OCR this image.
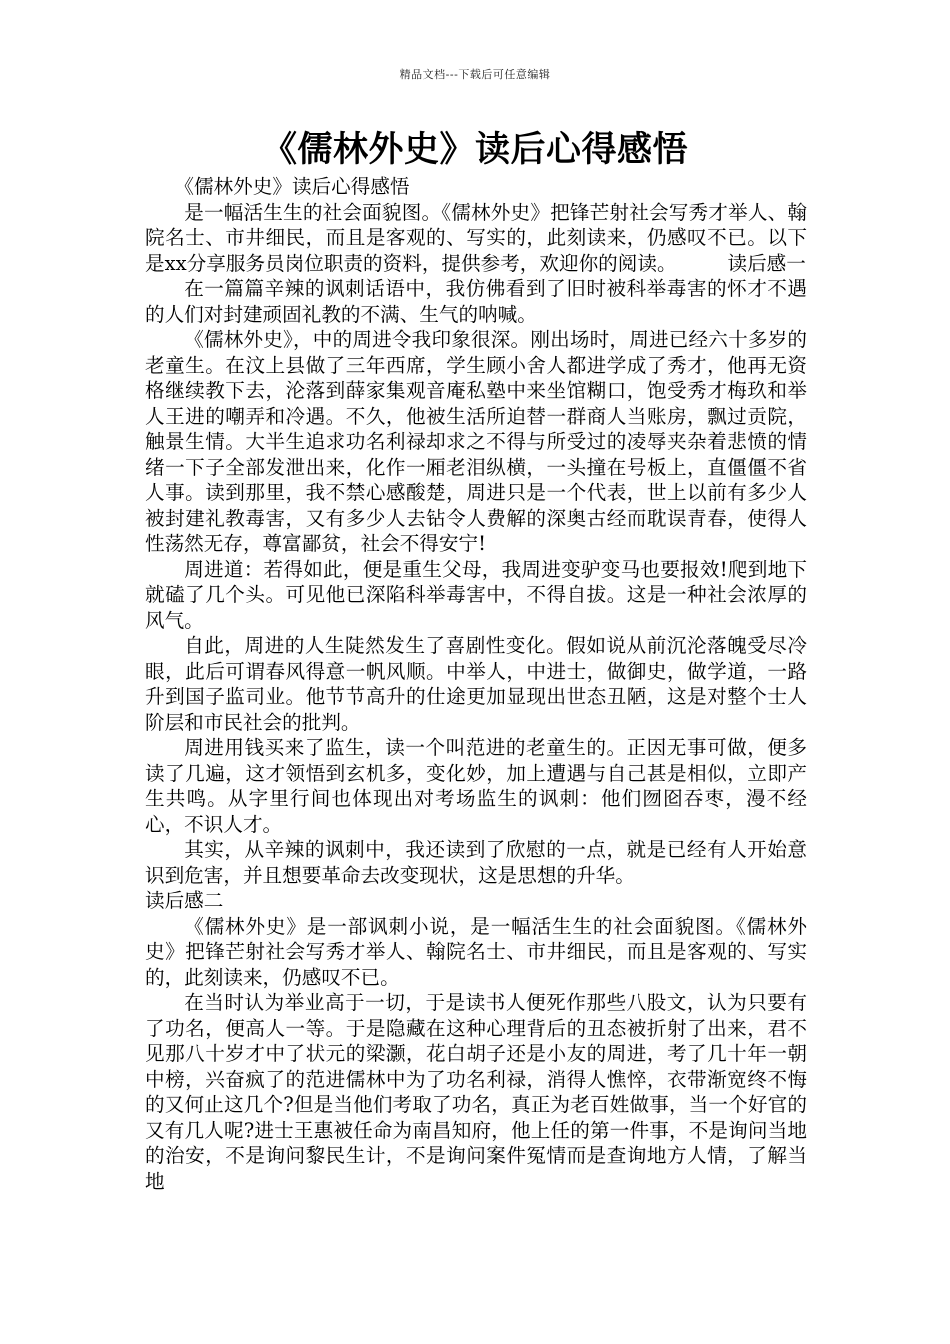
精品文档---下载后可任意编辑
《儒林外史》读后心得感悟

《儒林外史》读后心得感悟

是一幅活生生的社会面貌图。《儒林外史》把锋芒射社会写秀才举人、翰院名士、市井细民，而且是客观的、写实的，此刻读来，仍感叹不已。以下是xx分享服务员岗位职责的资料，提供参考，欢迎你的阅读。	读后感一

在一篇篇辛辣的讽刺话语中，我仿佛看到了旧时被科举毒害的怀才不遇的人们对封建顽固礼教的不满、生气的呐喊。

《儒林外史》，中的周进令我印象很深。刚出场时，周进已经六十多岁的老童生。在汶上县做了三年西席，学生顾小舍人都进学成了秀才，他再无资格继续教下去，沦落到薛家集观音庵私塾中来坐馆糊口，饱受秀才梅玖和举人王进的嘲弄和冷遇。不久，他被生活所迫替一群商人当账房，飘过贡院，触景生情。大半生追求功名利禄却求之不得与所受过的凌辱夹杂着悲愤的情绪一下子全部发泄出来，化作一厢老泪纵横，一头撞在号板上，直僵僵不省人事。读到那里，我不禁心感酸楚，周进只是一个代表，世上以前有多少人被封建礼教毒害，又有多少人去钻令人费解的深奥古经而耽误青春，使得人性荡然无存，尊富鄙贫，社会不得安宁!

周进道：若得如此，便是重生父母，我周进变驴变马也要报效!爬到地下就磕了几个头。可见他已深陷科举毒害中，不得自拔。这是一种社会浓厚的风气。

自此，周进的人生陡然发生了喜剧性变化。假如说从前沉沦落魄受尽冷眼，此后可谓春风得意一帆风顺。中举人，中进士，做御史，做学道，一路升到国子监司业。他节节高升的仕途更加显现出世态丑陋，这是对整个士人阶层和市民社会的批判。

周进用钱买来了监生，读一个叫范进的老童生的。正因无事可做，便多读了几遍，这才领悟到玄机多，变化妙，加上遭遇与自己甚是相似，立即产生共鸣。从字里行间也体现出对考场监生的讽刺：他们囫囵吞枣，漫不经心，不识人才。

其实，从辛辣的讽刺中，我还读到了欣慰的一点，就是已经有人开始意识到危害，并且想要革命去改变现状，这是思想的升华。

读后感二

《儒林外史》是一部讽刺小说，是一幅活生生的社会面貌图。《儒林外史》把锋芒射社会写秀才举人、翰院名士、市井细民，而且是客观的、写实的，此刻读来，仍感叹不已。

在当时认为举业高于一切，于是读书人便死作那些八股文，认为只要有了功名，便高人一等。于是隐藏在这种心理背后的丑态被折射了出来，君不见那八十岁才中了状元的梁灏，花白胡子还是小友的周进，考了几十年一朝中榜，兴奋疯了的范进儒林中为了功名利禄，消得人憔悴，衣带渐宽终不悔的又何止这几个?但是当他们考取了功名，真正为老百姓做事，当一个好官的又有几人呢?进士王惠被任命为南昌知府，他上任的第一件事，不是询问当地的治安，不是询问黎民生计，不是询问案件冤情而是查询地方人情，了解当地
